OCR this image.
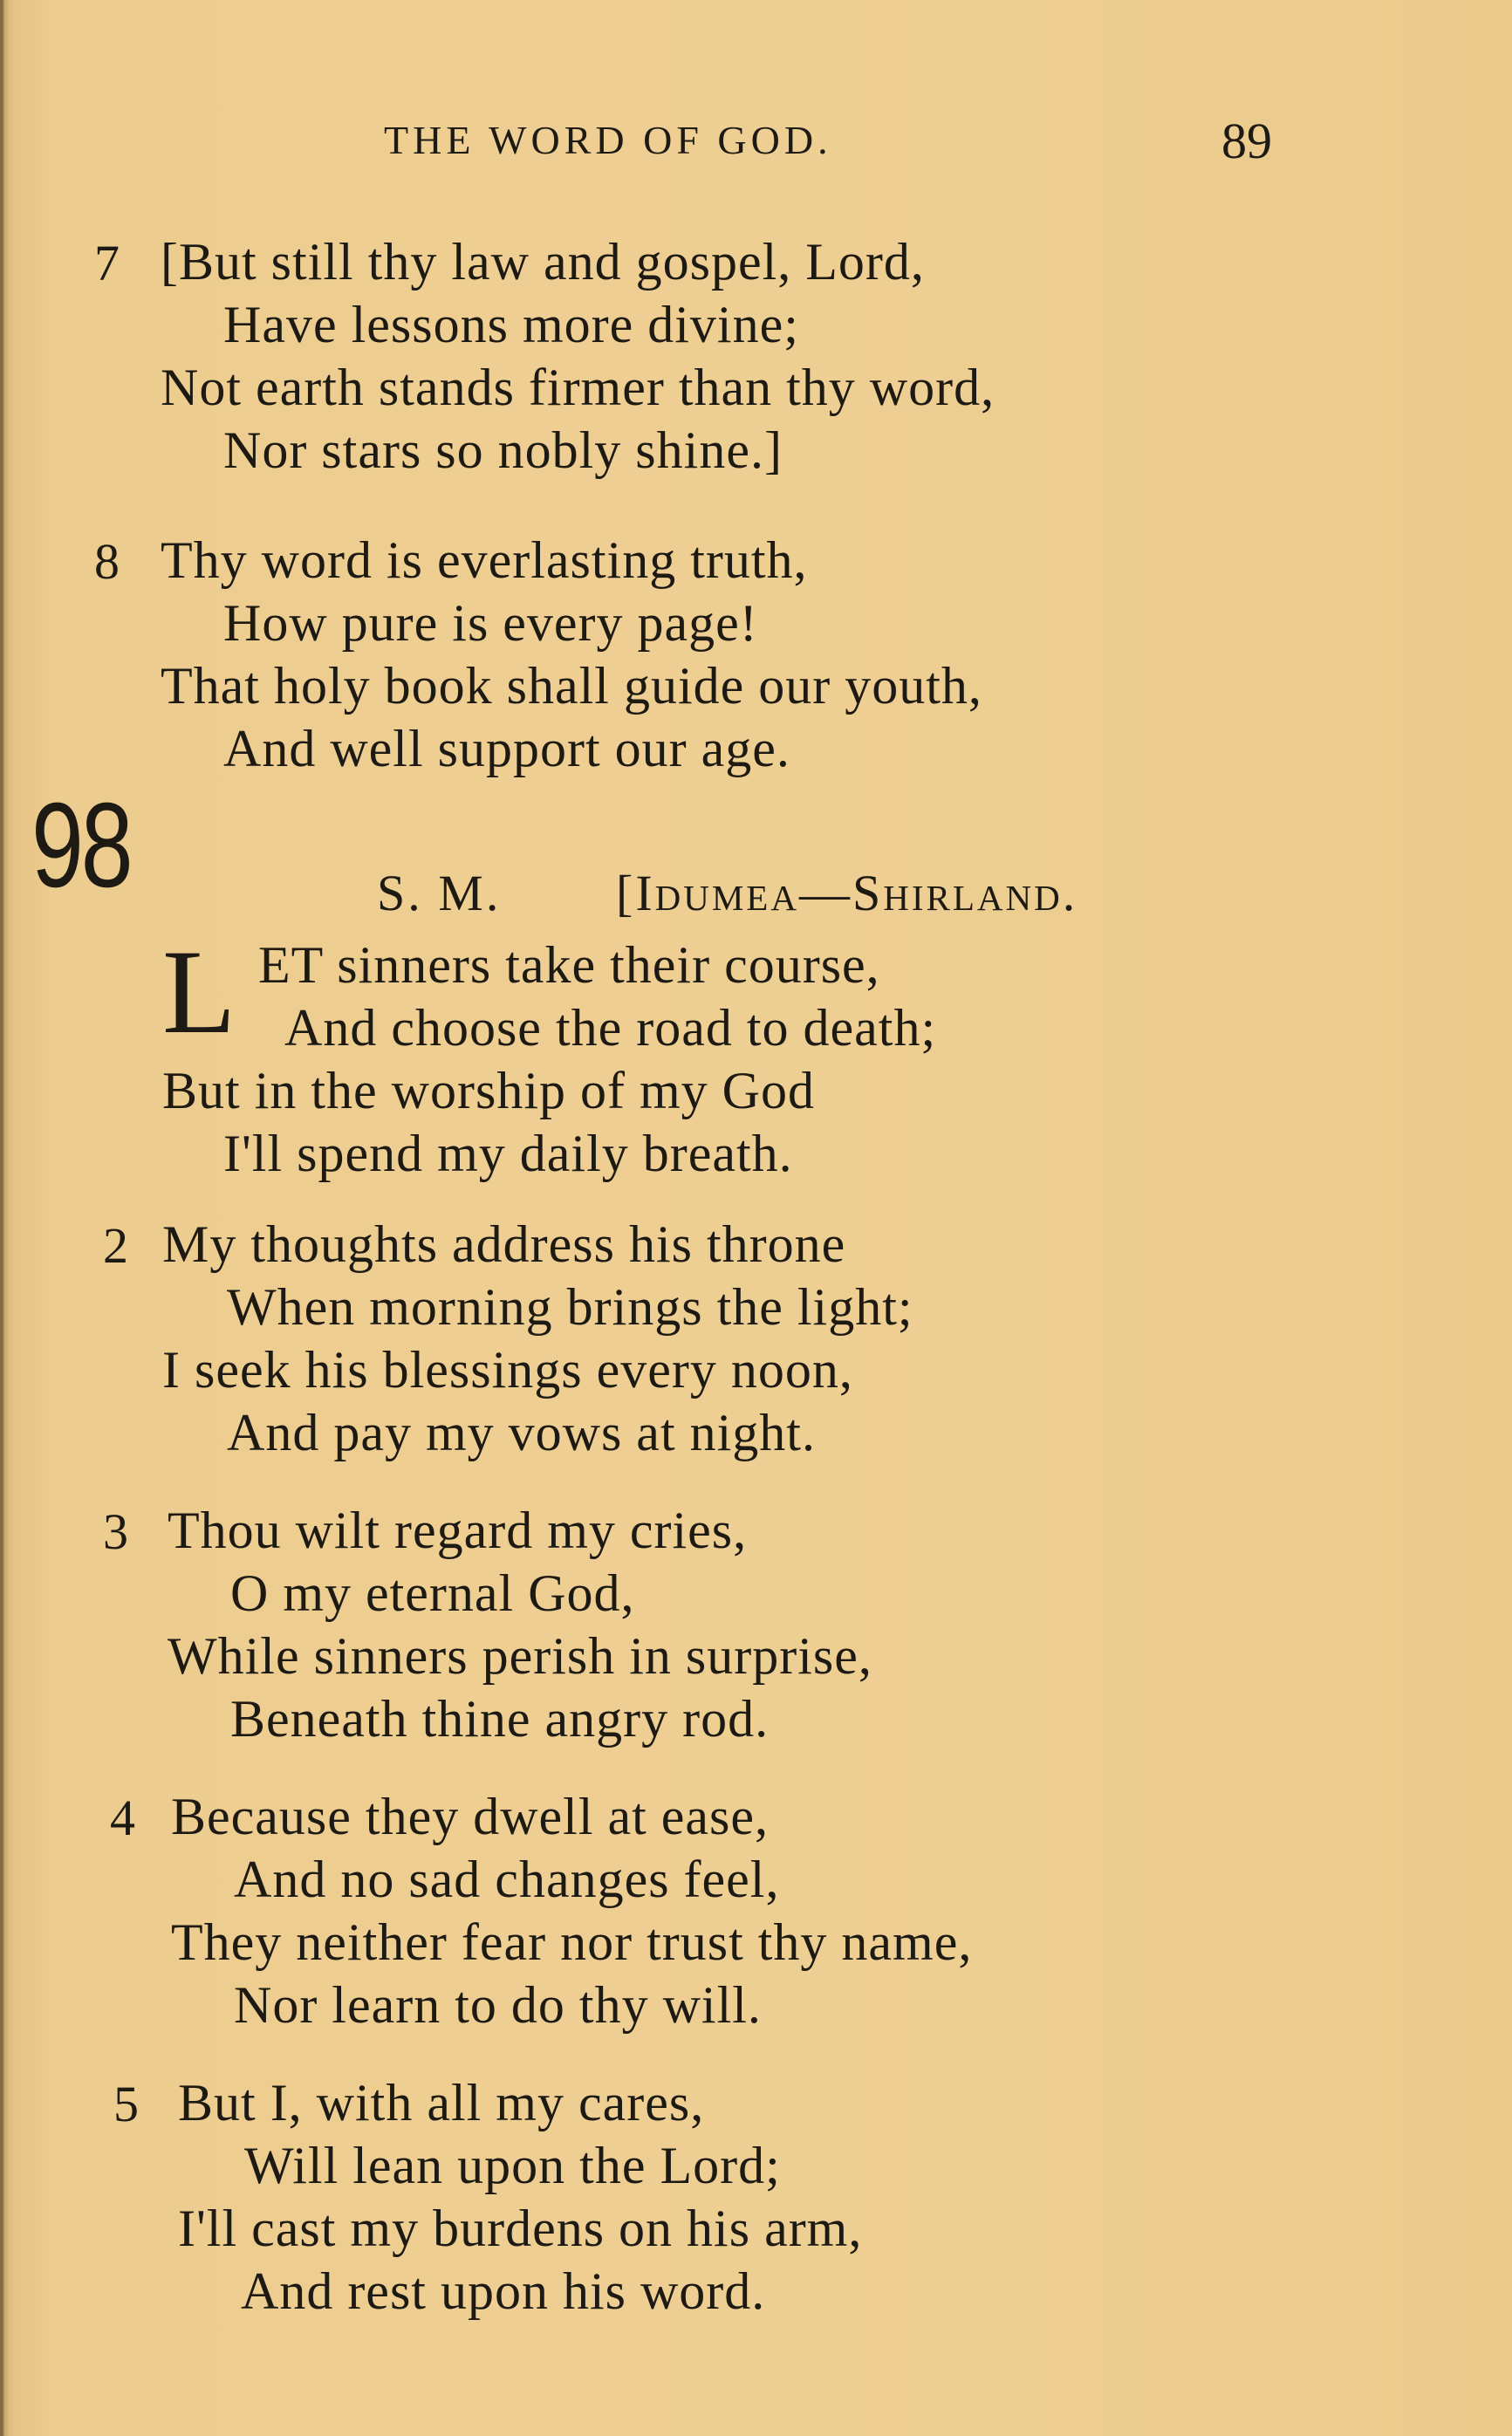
THE WORD OF GOD.	89
7 [But still thy law and gospel, Lord,
Have lessons more divine;
Not earth stands firmer than thy word,
Nor stars so nobly shine.]
8 Thy word is everlasting truth,
How pure is every page!
That holy book shall guide our youth,
And well support our age.
98	S. M. [Idumea—Shirland.
L ET sinners take their course,
And choose the road to death;
But in the worship of my God
I'll spend my daily breath.
2 My thoughts address his throne
When morning brings the light;
I seek his blessings every noon,
And pay my vows at night.
3 Thou wilt regard my cries,
O my eternal God,
While sinners perish in surprise,
Beneath thine angry rod.
4 Because they dwell at ease,
And no sad changes feel,
They neither fear nor trust thy name,
Nor learn to do thy will.
5 But I, with all my cares,
Will lean upon the Lord;
I'll cast my burdens on his arm,
And rest upon his word.
